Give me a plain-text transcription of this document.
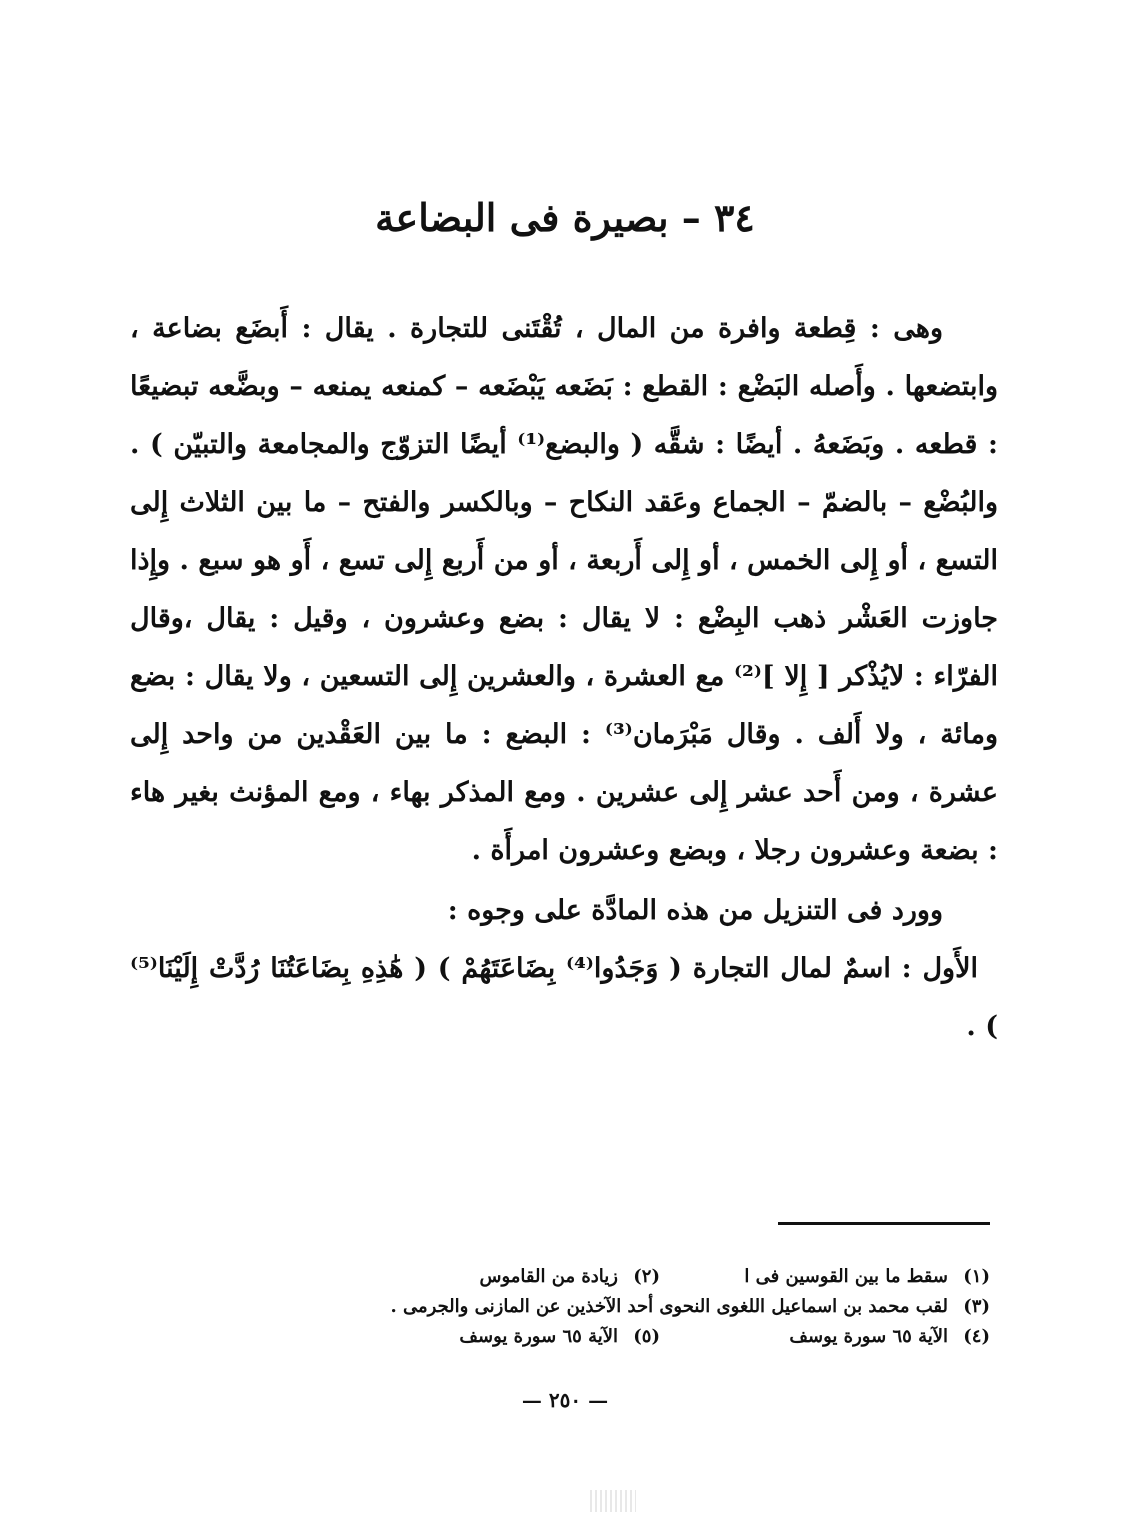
٣٤ – بصيرة فى البضاعة

وهى : قِطعة وافرة من المال ، تُقْتَنى للتجارة . يقال : أَبضَع بضاعة ، وابتضعها . وأَصله البَضْع : القطع : بَضَعه يَبْضَعه – كمنعه يمنعه – وبضَّعه تبضيعًا : قطعه . وبَضَعهُ . أيضًا : شقَّه ( والبضع⁽¹⁾ أيضًا التزوّج والمجامعة والتبيّن ) . والبُضْع – بالضمّ – الجماع وعَقد النكاح – وبالكسر والفتح – ما بين الثلاث إِلى التسع ، أو إِلى الخمس ، أو إِلى أَربعة ، أو من أَربع إِلى تسع ، أَو هو سبع . وإِذا جاوزت العَشْر ذهب البِضْع : لا يقال : بضع وعشرون ، وقيل : يقال ،وقال الفرّاء : لايُذْكر [ إِلا ]⁽²⁾ مع العشرة ، والعشرين إِلى التسعين ، ولا يقال : بضع ومائة ، ولا أَلف . وقال مَبْرَمان⁽³⁾ : البضع : ما بين العَقْدين من واحد إِلى عشرة ، ومن أَحد عشر إِلى عشرين . ومع المذكر بهاء ، ومع المؤنث بغير هاء : بضعة وعشرون رجلا ، وبضع وعشرون امرأَة .

وورد فى التنزيل من هذه المادَّة على وجوه :

الأَول : اسمٌ لمال التجارة ( وَجَدُوا⁽⁴⁾ بِضَاعَتَهُمْ ) ( هَٰذِهِ بِضَاعَتُنَا رُدَّتْ إِلَيْنَا⁽⁵⁾ ) .

(١)
سقط ما بين القوسين فى ا
(٢)
زيادة من القاموس
(٣)
لقب محمد بن اسماعيل اللغوى النحوى أحد الآخذين عن المازنى والجرمى .
(٤)
الآية ٦٥ سورة يوسف
(٥)
الآية ٦٥ سورة يوسف
— ٢٥٠ —
